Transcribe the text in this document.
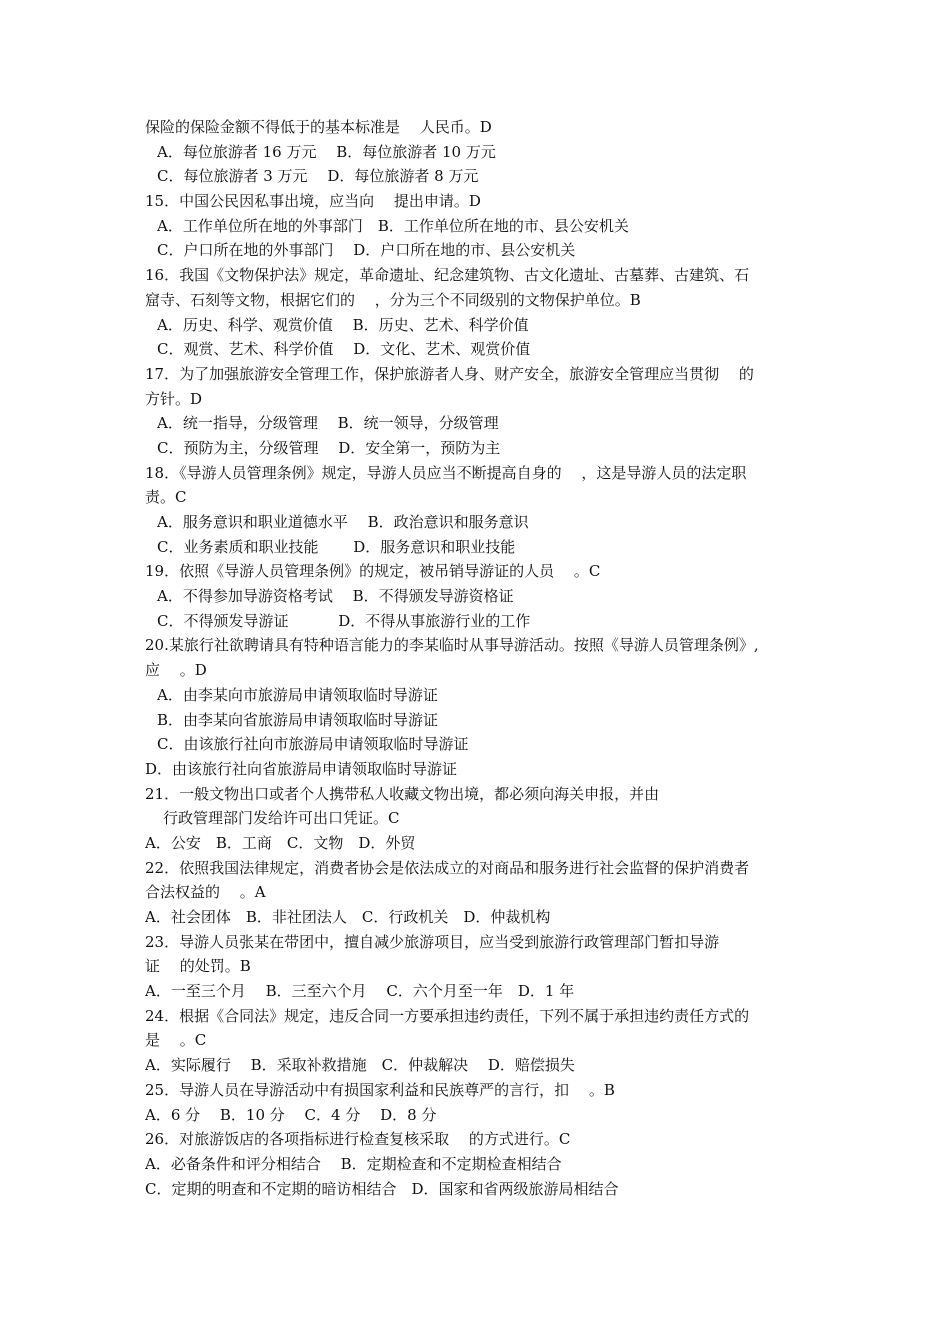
保险的保险金额不得低于的基本标准是　 人民币。D
A．每位旅游者 16 万元　 B．每位旅游者 10 万元
C．每位旅游者 3 万元　 D．每位旅游者 8 万元
15．中国公民因私事出境，应当向　 提出申请。D
A．工作单位所在地的外事部门　B．工作单位所在地的市、县公安机关
C．户口所在地的外事部门　 D．户口所在地的市、县公安机关
16．我国《文物保护法》规定，革命遗址、纪念建筑物、古文化遗址、古墓葬、古建筑、石
窟寺、石刻等文物，根据它们的　 ，分为三个不同级别的文物保护单位。B
A．历史、科学、观赏价值　 B．历史、艺术、科学价值
C．观赏、艺术、科学价值　 D．文化、艺术、观赏价值
17．为了加强旅游安全管理工作，保护旅游者人身、财产安全，旅游安全管理应当贯彻　 的
方针。D
A．统一指导，分级管理　 B．统一领导，分级管理
C．预防为主，分级管理　 D．安全第一，预防为主
18．《导游人员管理条例》规定，导游人员应当不断提高自身的　 ，这是导游人员的法定职
责。C
A．服务意识和职业道德水平　 B．政治意识和服务意识
C．业务素质和职业技能　　 D．服务意识和职业技能
19．依照《导游人员管理条例》的规定，被吊销导游证的人员　 。C
A．不得参加导游资格考试　 B．不得颁发导游资格证
C．不得颁发导游证　　　 D．不得从事旅游行业的工作
20.某旅行社欲聘请具有特种语言能力的李某临时从事导游活动。按照《导游人员管理条例》,
应　 。D
A．由李某向市旅游局申请领取临时导游证
B．由李某向省旅游局申请领取临时导游证
C．由该旅行社向市旅游局申请领取临时导游证
D．由该旅行社向省旅游局申请领取临时导游证
21．一般文物出口或者个人携带私人收藏文物出境，都必须向海关申报，并由
行政管理部门发给许可出口凭证。C
A．公安　B．工商　C．文物　D．外贸
22．依照我国法律规定，消费者协会是依法成立的对商品和服务进行社会监督的保护消费者
合法权益的　 。A
A．社会团体　B．非社团法人　C．行政机关　D．仲裁机构
23．导游人员张某在带团中，擅自减少旅游项目，应当受到旅游行政管理部门暂扣导游
证　 的处罚。B
A．一至三个月　 B．三至六个月　 C．六个月至一年　D．1 年
24．根据《合同法》规定，违反合同一方要承担违约责任，下列不属于承担违约责任方式的
是　 。C
A．实际履行　 B．采取补救措施　C．仲裁解决　 D．赔偿损失
25．导游人员在导游活动中有损国家利益和民族尊严的言行，扣　 。B
A．6 分　 B．10 分　 C．4 分　 D．8 分
26．对旅游饭店的各项指标进行检查复核采取　 的方式进行。C
A．必备条件和评分相结合　 B．定期检查和不定期检查相结合
C．定期的明查和不定期的暗访相结合　D．国家和省两级旅游局相结合
